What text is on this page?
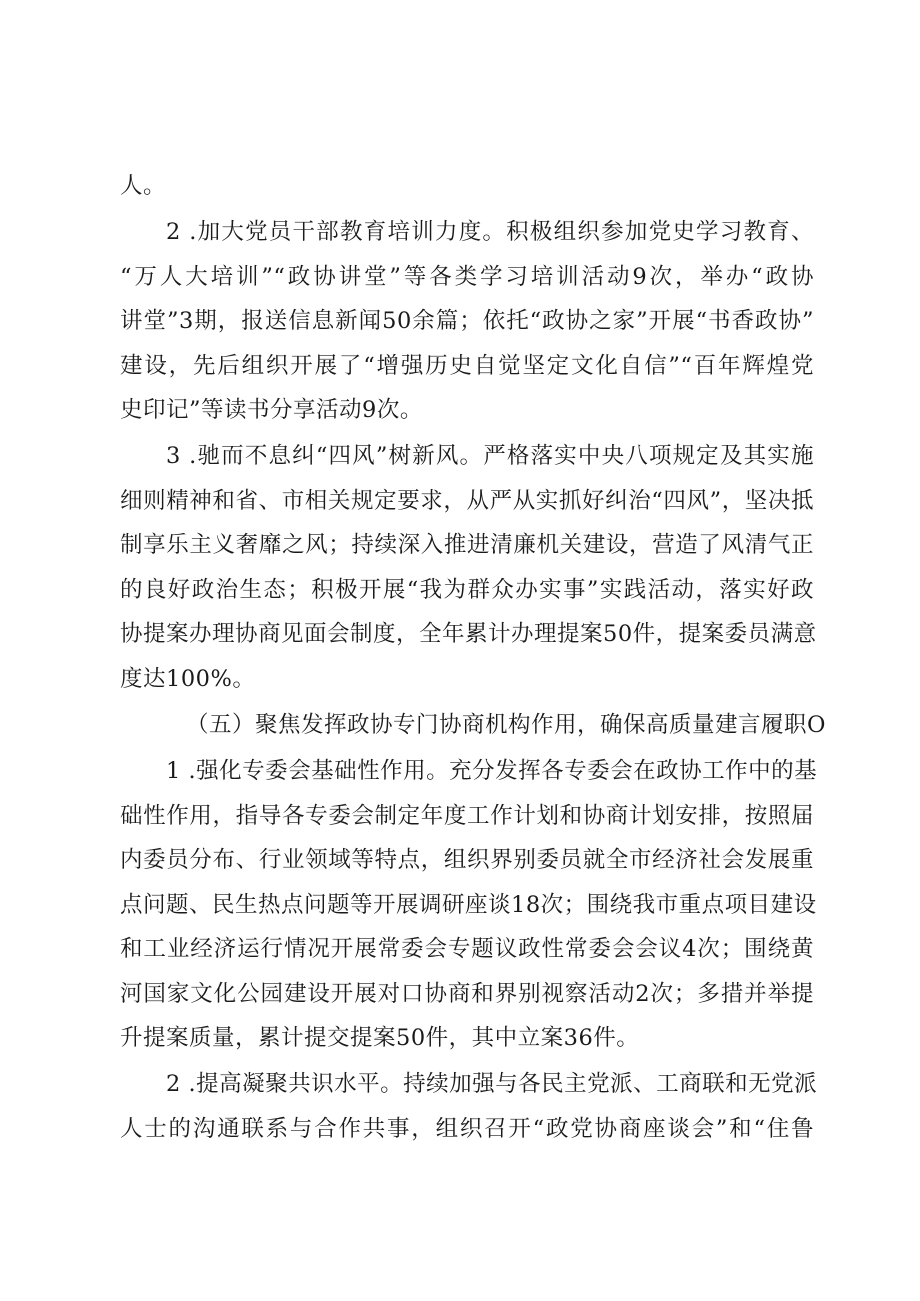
人。
2 .加大党员干部教育培训力度。积极组织参加党史学习教育、
“万人大培训”“政协讲堂”等各类学习培训活动9次，举办“政协
讲堂”3期，报送信息新闻50余篇；依托“政协之家”开展“书香政协”
建设，先后组织开展了“增强历史自觉坚定文化自信”“百年辉煌党
史印记”等读书分享活动9次。
3 .驰而不息纠“四风”树新风。严格落实中央八项规定及其实施
细则精神和省、市相关规定要求，从严从实抓好纠治“四风”，坚决抵
制享乐主义奢靡之风；持续深入推进清廉机关建设，营造了风清气正
的良好政治生态；积极开展“我为群众办实事”实践活动，落实好政
协提案办理协商见面会制度，全年累计办理提案50件，提案委员满意
度达100%。
（五）聚焦发挥政协专门协商机构作用，确保高质量建言履职O
1 .强化专委会基础性作用。充分发挥各专委会在政协工作中的基
础性作用，指导各专委会制定年度工作计划和协商计划安排，按照届
内委员分布、行业领域等特点，组织界别委员就全市经济社会发展重
点问题、民生热点问题等开展调研座谈18次；围绕我市重点项目建设
和工业经济运行情况开展常委会专题议政性常委会会议4次；围绕黄
河国家文化公园建设开展对口协商和界别视察活动2次；多措并举提
升提案质量，累计提交提案50件，其中立案36件。
2 .提高凝聚共识水平。持续加强与各民主党派、工商联和无党派
人士的沟通联系与合作共事，组织召开“政党协商座谈会”和“住鲁
